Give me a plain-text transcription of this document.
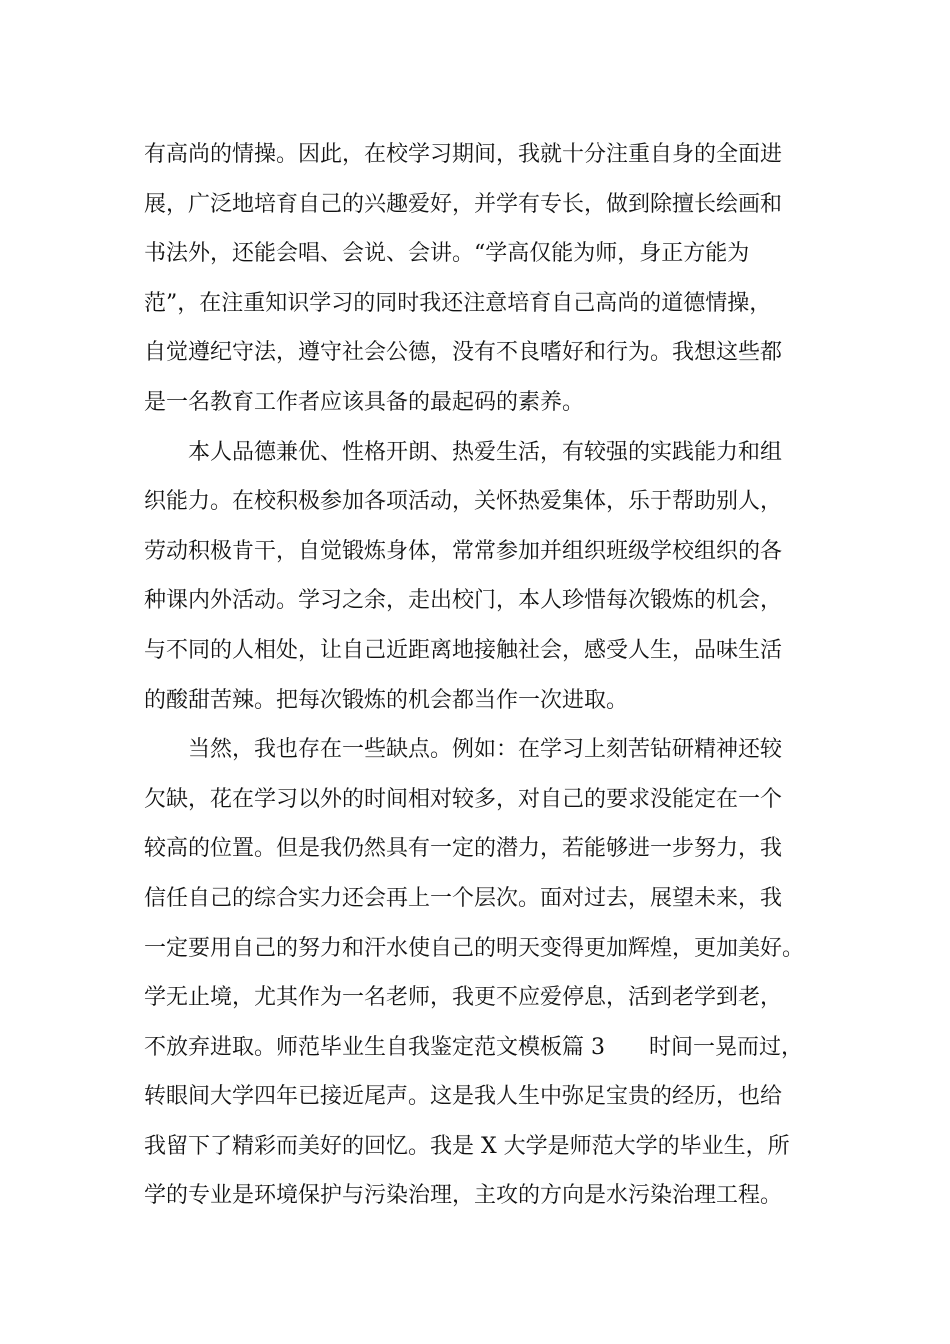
有高尚的情操。因此，在校学习期间，我就十分注重自身的全面进
展，广泛地培育自己的兴趣爱好，并学有专长，做到除擅长绘画和
书法外，还能会唱、会说、会讲。“学高仅能为师，身正方能为
范”，在注重知识学习的同时我还注意培育自己高尚的道德情操，
自觉遵纪守法，遵守社会公德，没有不良嗜好和行为。我想这些都
是一名教育工作者应该具备的最起码的素养。
　　本人品德兼优、性格开朗、热爱生活，有较强的实践能力和组
织能力。在校积极参加各项活动，关怀热爱集体，乐于帮助别人，
劳动积极肯干，自觉锻炼身体，常常参加并组织班级学校组织的各
种课内外活动。学习之余，走出校门，本人珍惜每次锻炼的机会，
与不同的人相处，让自己近距离地接触社会，感受人生，品味生活
的酸甜苦辣。把每次锻炼的机会都当作一次进取。
　　当然，我也存在一些缺点。例如：在学习上刻苦钻研精神还较
欠缺，花在学习以外的时间相对较多，对自己的要求没能定在一个
较高的位置。但是我仍然具有一定的潜力，若能够进一步努力，我
信任自己的综合实力还会再上一个层次。面对过去，展望未来，我
一定要用自己的努力和汗水使自己的明天变得更加辉煌，更加美好。
学无止境，尤其作为一名老师，我更不应爱停息，活到老学到老，
不放弃进取。师范毕业生自我鉴定范文模板篇 3　　时间一晃而过，
转眼间大学四年已接近尾声。这是我人生中弥足宝贵的经历，也给
我留下了精彩而美好的回忆。我是 X 大学是师范大学的毕业生，所
学的专业是环境保护与污染治理，主攻的方向是水污染治理工程。
